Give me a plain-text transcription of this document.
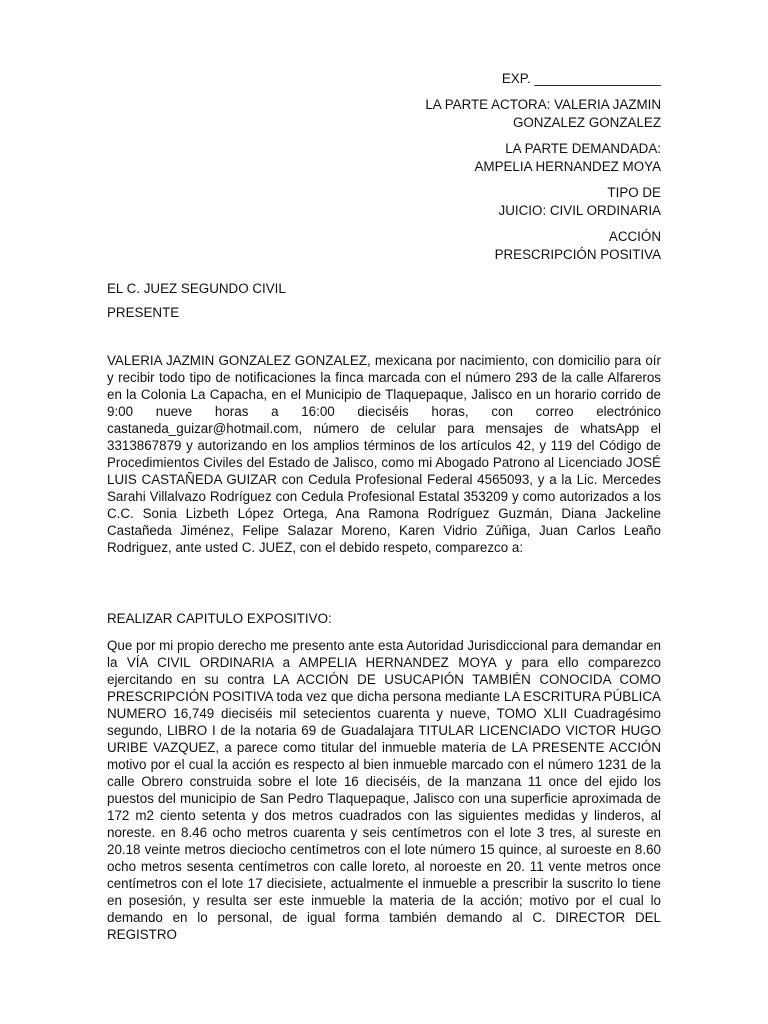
EXP. _________________
LA PARTE ACTORA: VALERIA JAZMIN
GONZALEZ GONZALEZ
LA PARTE DEMANDADA:
AMPELIA HERNANDEZ MOYA
TIPO DE
JUICIO: CIVIL ORDINARIA
ACCIÓN
PRESCRIPCIÓN POSITIVA
EL C. JUEZ SEGUNDO CIVIL
PRESENTE

VALERIA JAZMIN GONZALEZ GONZALEZ, mexicana por nacimiento, con domicilio para oír y recibir todo tipo de notificaciones la finca marcada con el número 293 de la calle Alfareros en la Colonia La Capacha, en el Municipio de Tlaquepaque, Jalisco en un horario corrido de 9:00 nueve horas a 16:00 dieciséis horas, con correo electrónico castaneda_guizar@hotmail.com, número de celular para mensajes de whatsApp el 3313867879 y autorizando en los amplios términos de los artículos 42, y 119 del Código de Procedimientos Civiles del Estado de Jalisco, como mi Abogado Patrono al Licenciado JOSÉ LUIS CASTAÑEDA GUIZAR con Cedula Profesional Federal 4565093, y a la Lic. Mercedes Sarahi Villalvazo Rodríguez con Cedula Profesional Estatal 353209 y como autorizados a los C.C. Sonia Lizbeth López Ortega, Ana Ramona Rodríguez Guzmán, Diana Jackeline Castañeda Jiménez, Felipe Salazar Moreno, Karen Vidrio Zúñiga, Juan Carlos Leaño Rodriguez, ante usted C. JUEZ, con el debido respeto, comparezco a:

REALIZAR CAPITULO EXPOSITIVO:

Que por mi propio derecho me presento ante esta Autoridad Jurisdiccional para demandar en la VÍA CIVIL ORDINARIA a AMPELIA HERNANDEZ MOYA y para ello comparezco ejercitando en su contra LA ACCIÓN DE USUCAPIÓN TAMBIÉN CONOCIDA COMO PRESCRIPCIÓN POSITIVA toda vez que dicha persona mediante LA ESCRITURA PÚBLICA NUMERO 16,749 dieciséis mil setecientos cuarenta y nueve, TOMO XLII Cuadragésimo segundo, LIBRO I de la notaria 69 de Guadalajara TITULAR LICENCIADO VICTOR HUGO URIBE VAZQUEZ, a parece como titular del inmueble materia de LA PRESENTE ACCIÓN motivo por el cual la acción es respecto al bien inmueble marcado con el número 1231 de la calle Obrero construida sobre el lote 16 dieciséis, de la manzana 11 once del ejido los puestos del municipio de San Pedro Tlaquepaque, Jalisco con una superficie aproximada de 172 m2 ciento setenta y dos metros cuadrados con las siguientes medidas y linderos, al noreste. en 8.46 ocho metros cuarenta y seis centímetros con el lote 3 tres, al sureste en 20.18 veinte metros dieciocho centímetros con el lote número 15 quince, al suroeste en 8.60 ocho metros sesenta centímetros con calle loreto, al noroeste en 20. 11 vente metros once centímetros con el lote 17 diecisiete, actualmente el inmueble a prescribir la suscrito lo tiene en posesión, y resulta ser este inmueble la materia de la acción; motivo por el cual lo demando en lo personal, de igual forma también demando al C. DIRECTOR DEL REGISTRO
